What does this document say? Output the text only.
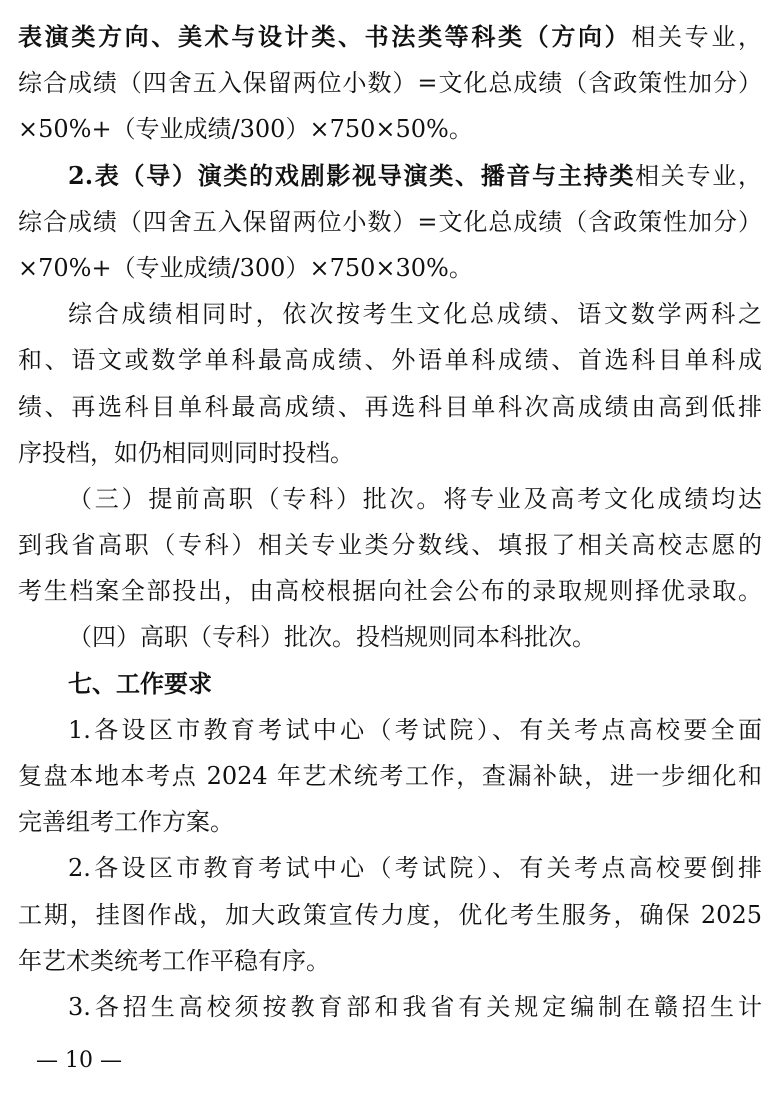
表演类方向、美术与设计类、书法类等科类（方向）相关专业，
综合成绩（四舍五入保留两位小数）=文化总成绩（含政策性加分）
×50%+（专业成绩/300）×750×50%。
2.表（导）演类的戏剧影视导演类、播音与主持类相关专业，
综合成绩（四舍五入保留两位小数）=文化总成绩（含政策性加分）
×70%+（专业成绩/300）×750×30%。
综合成绩相同时，依次按考生文化总成绩、语文数学两科之
和、语文或数学单科最高成绩、外语单科成绩、首选科目单科成
绩、再选科目单科最高成绩、再选科目单科次高成绩由高到低排
序投档，如仍相同则同时投档。
（三）提前高职（专科）批次。将专业及高考文化成绩均达
到我省高职（专科）相关专业类分数线、填报了相关高校志愿的
考生档案全部投出，由高校根据向社会公布的录取规则择优录取。
（四）高职（专科）批次。投档规则同本科批次。
七、工作要求
1.各设区市教育考试中心（考试院）、有关考点高校要全面
复盘本地本考点 2024 年艺术统考工作，查漏补缺，进一步细化和
完善组考工作方案。
2.各设区市教育考试中心（考试院）、有关考点高校要倒排
工期，挂图作战，加大政策宣传力度，优化考生服务，确保 2025
年艺术类统考工作平稳有序。
3.各招生高校须按教育部和我省有关规定编制在赣招生计
— 10 —
